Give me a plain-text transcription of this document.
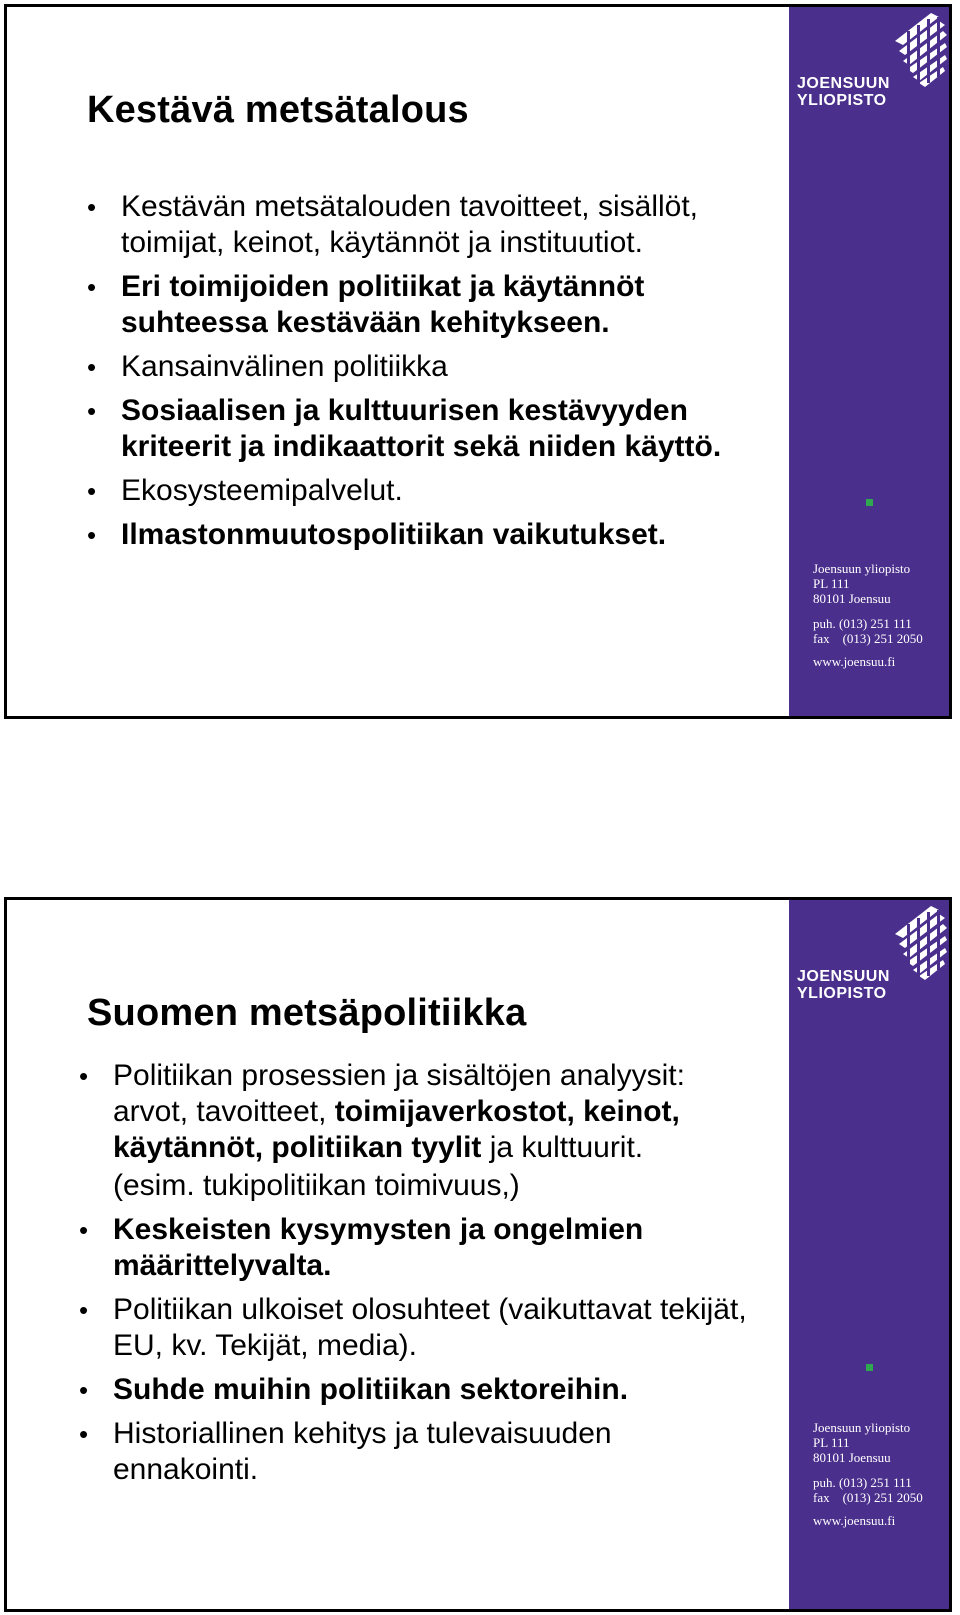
Kestävä metsätalous
• Kestävän metsätalouden tavoitteet, sisällöt, toimijat, keinot, käytännöt ja instituutiot.
• Eri toimijoiden politiikat ja käytännöt suhteessa kestävään kehitykseen.
• Kansainvälinen politiikka
• Sosiaalisen ja kulttuurisen kestävyyden kriteerit ja indikaattorit sekä niiden käyttö.
• Ekosysteemipalvelut.
• Ilmastonmuutospolitiikan vaikutukset.
JOENSUUN
YLIOPISTO
Joensuun yliopisto
PL 111
80101 Joensuu
puh. (013) 251 111
fax    (013) 251 2050
www.joensuu.fi
Suomen metsäpolitiikka
• Politiikan prosessien ja sisältöjen analyysit: arvot, tavoitteet, toimijaverkostot, keinot, käytännöt, politiikan tyylit ja kulttuurit.
(esim. tukipolitiikan toimivuus,)
• Keskeisten kysymysten ja ongelmien määrittelyvalta.
• Politiikan ulkoiset olosuhteet (vaikuttavat tekijät, EU, kv. Tekijät, media).
• Suhde muihin politiikan sektoreihin.
• Historiallinen kehitys ja tulevaisuuden ennakointi.
JOENSUUN
YLIOPISTO
Joensuun yliopisto
PL 111
80101 Joensuu
puh. (013) 251 111
fax    (013) 251 2050
www.joensuu.fi
